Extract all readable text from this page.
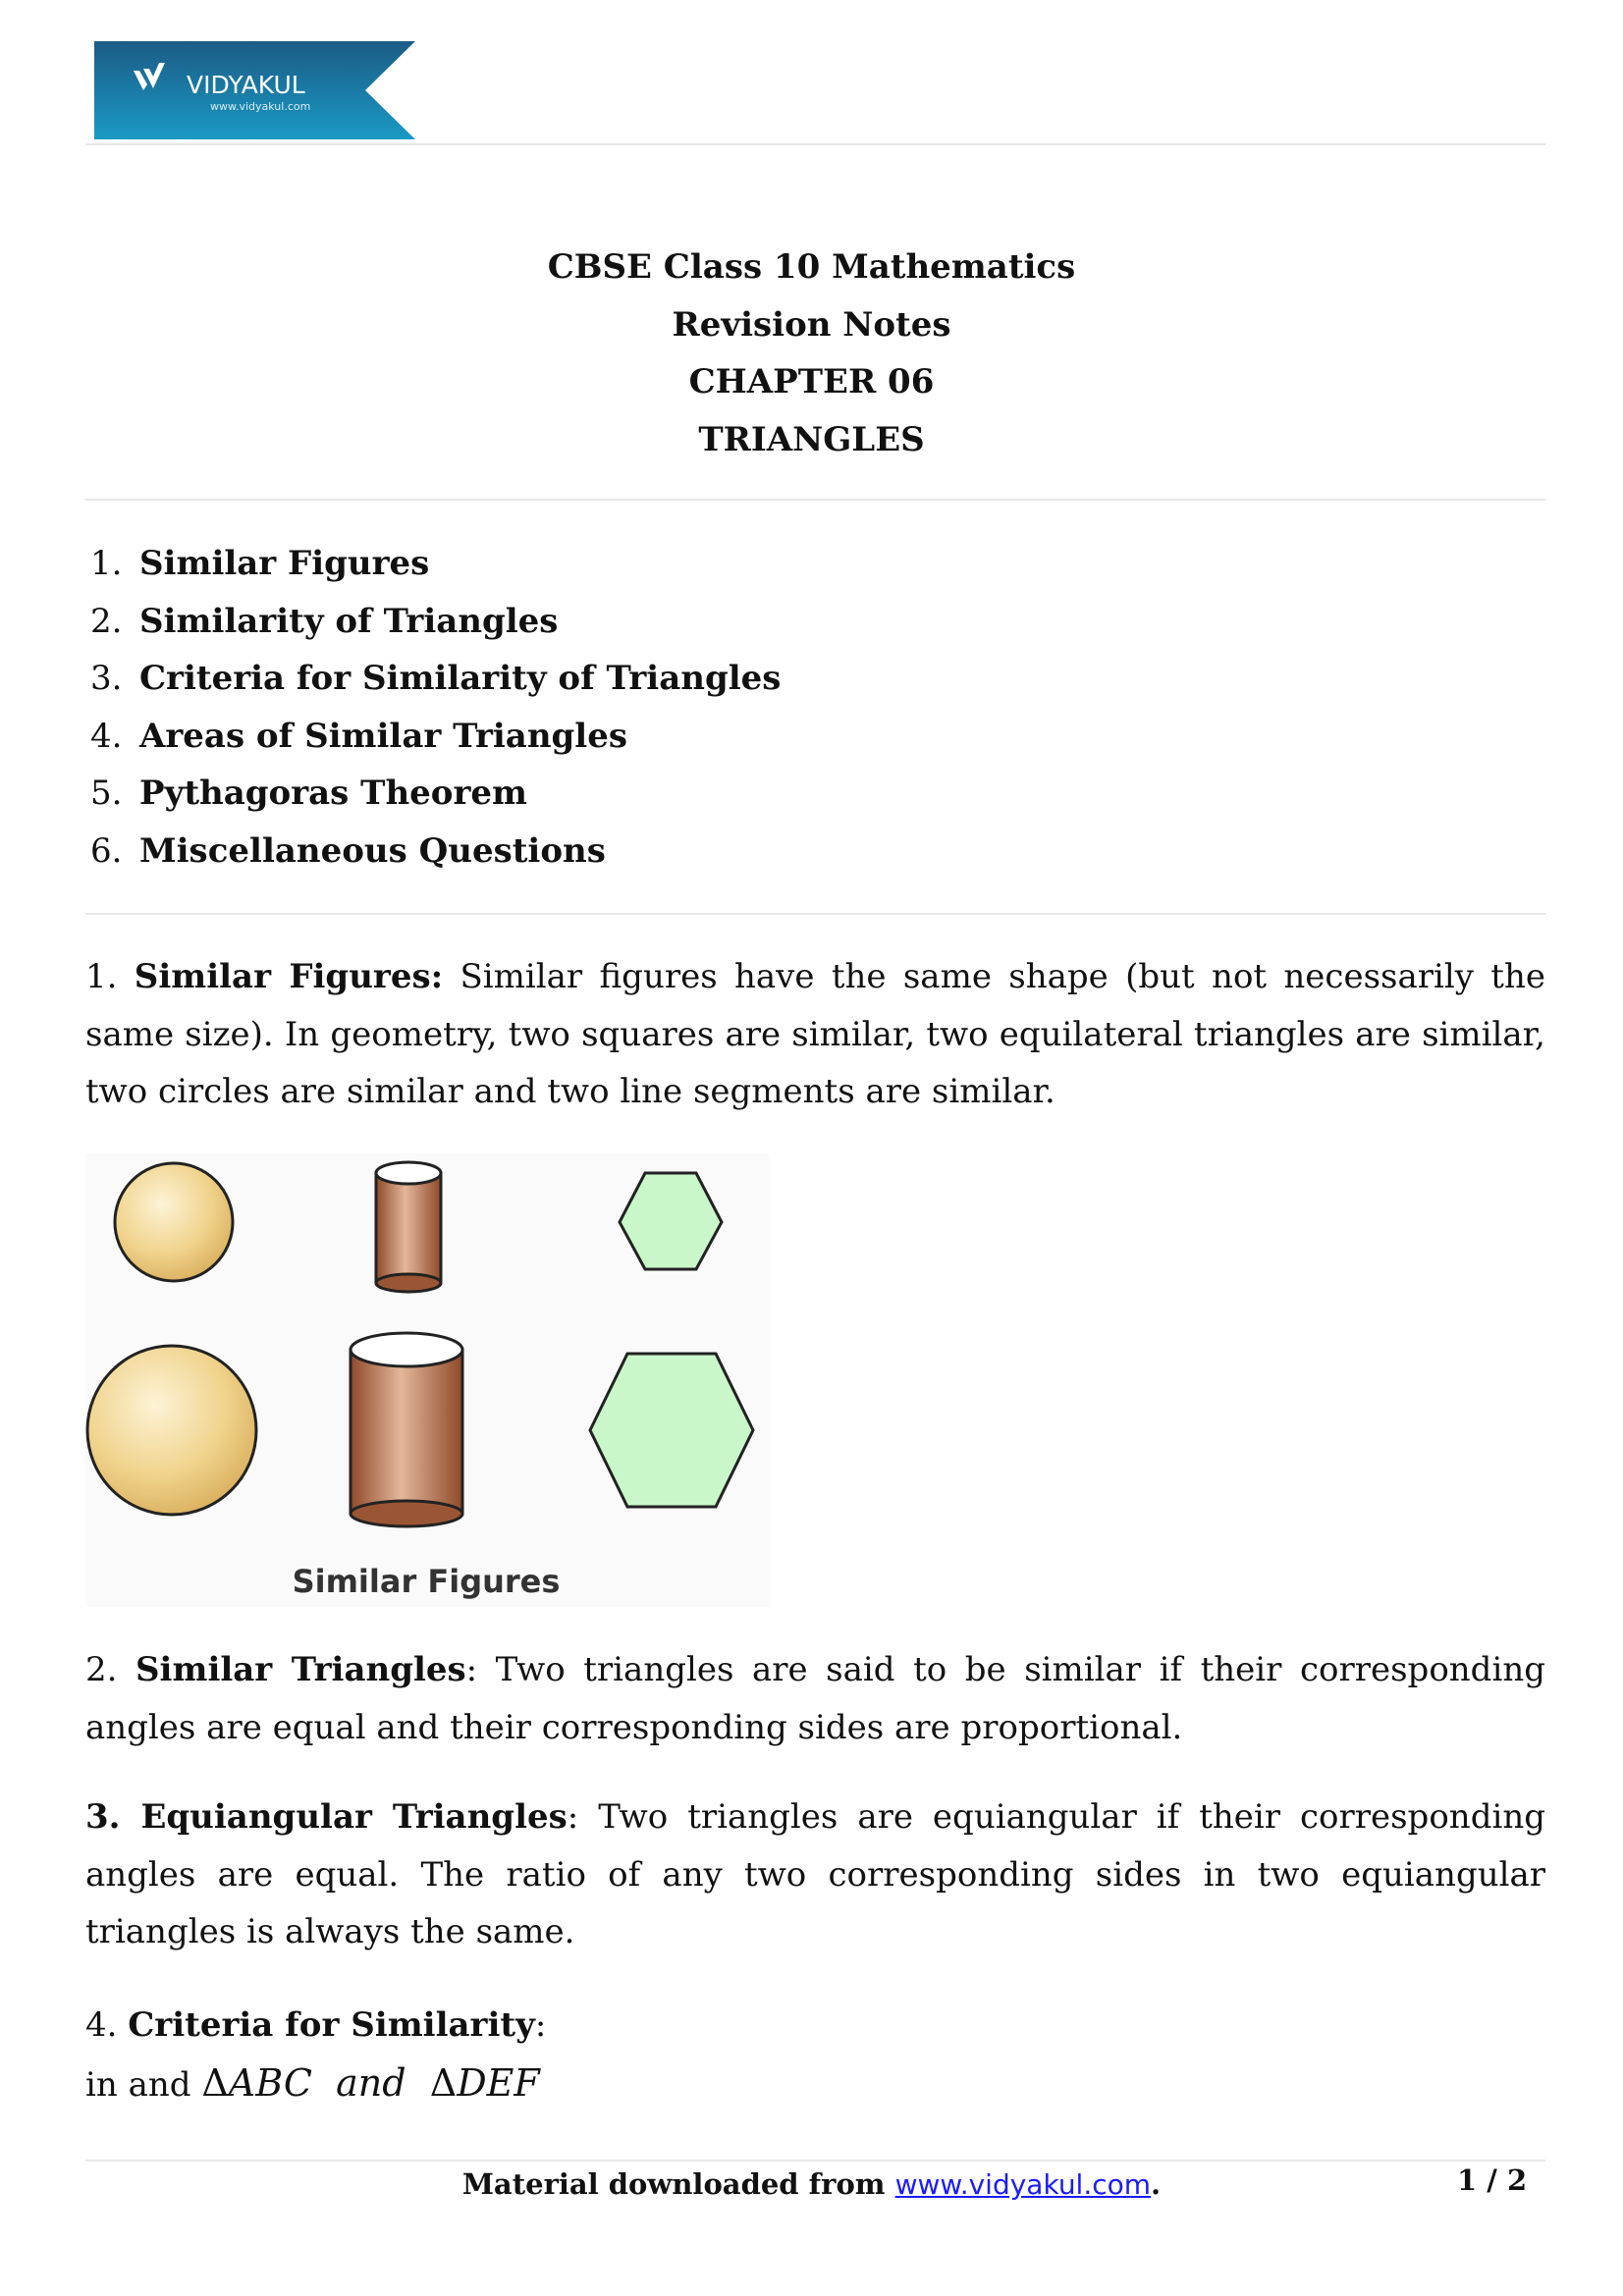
VIDYAKUL
www.vidyakul.com
CBSE Class 10 Mathematics
Revision Notes
CHAPTER 06
TRIANGLES
1. Similar Figures
2. Similarity of Triangles
3. Criteria for Similarity of Triangles
4. Areas of Similar Triangles
5. Pythagoras Theorem
6. Miscellaneous Questions
1. Similar Figures: Similar figures have the same shape (but not necessarily the same size). In geometry, two squares are similar, two equilateral triangles are similar, two circles are similar and two line segments are similar.
Similar Figures
2. Similar Triangles: Two triangles are said to be similar if their corresponding angles are equal and their corresponding sides are proportional.
3. Equiangular Triangles: Two triangles are equiangular if their corresponding angles are equal. The ratio of any two corresponding sides in two equiangular triangles is always the same.
4. Criteria for Similarity:
in and ΔABC and ΔDEF
Material downloaded from www.vidyakul.com.	1 / 2
